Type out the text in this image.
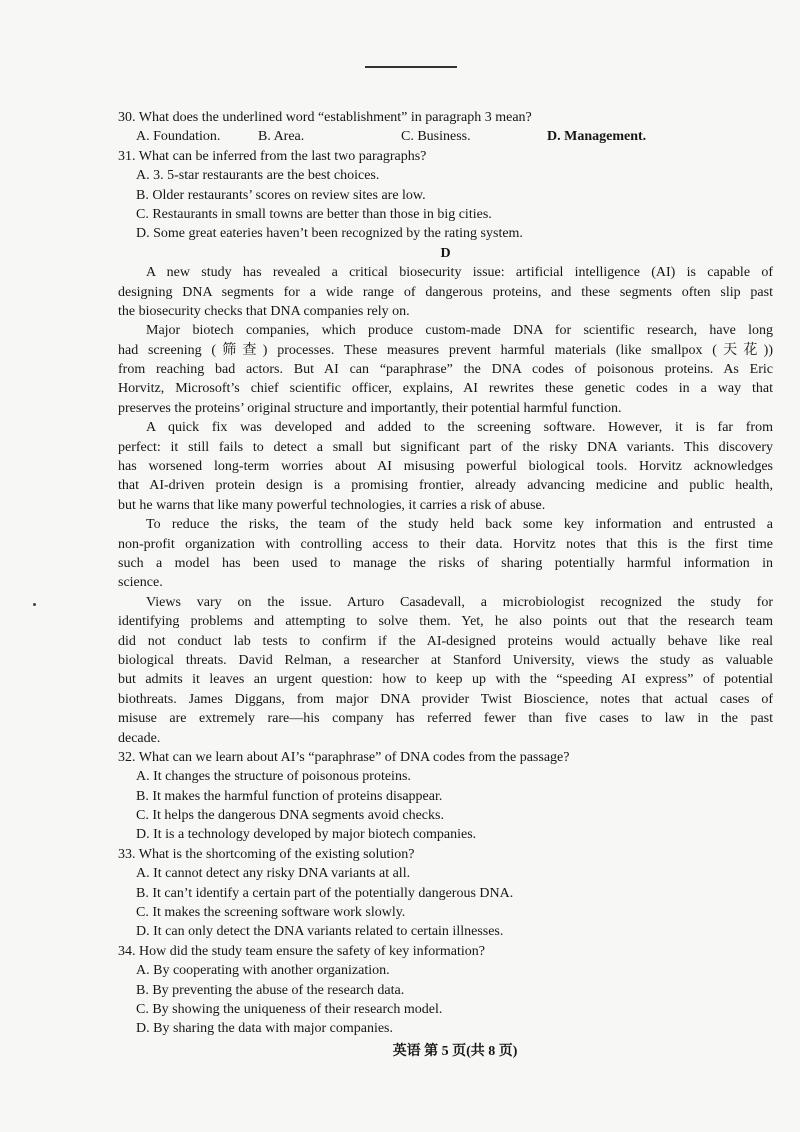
30. What does the underlined word “establishment” in paragraph 3 mean?
A. Foundation.	B. Area.	C. Business.	D. Management.
31. What can be inferred from the last two paragraphs?
A. 3. 5-star restaurants are the best choices.
B. Older restaurants’ scores on review sites are low.
C. Restaurants in small towns are better than those in big cities.
D. Some great eateries haven’t been recognized by the rating system.
D
A new study has revealed a critical biosecurity issue: artificial intelligence (AI) is capable of
designing DNA segments for a wide range of dangerous proteins, and these segments often slip past
the biosecurity checks that DNA companies rely on.
Major biotech companies, which produce custom-made DNA for scientific research, have long
had screening (筛查) processes. These measures prevent harmful materials (like smallpox (天花))
from reaching bad actors. But AI can “paraphrase” the DNA codes of poisonous proteins. As Eric
Horvitz, Microsoft’s chief scientific officer, explains, AI rewrites these genetic codes in a way that
preserves the proteins’ original structure and importantly, their potential harmful function.
A quick fix was developed and added to the screening software. However, it is far from
perfect: it still fails to detect a small but significant part of the risky DNA variants. This discovery
has worsened long-term worries about AI misusing powerful biological tools. Horvitz acknowledges
that AI-driven protein design is a promising frontier, already advancing medicine and public health,
but he warns that like many powerful technologies, it carries a risk of abuse.
To reduce the risks, the team of the study held back some key information and entrusted a
non-profit organization with controlling access to their data. Horvitz notes that this is the first time
such a model has been used to manage the risks of sharing potentially harmful information in
science.
Views vary on the issue. Arturo Casadevall, a microbiologist recognized the study for
identifying problems and attempting to solve them. Yet, he also points out that the research team
did not conduct lab tests to confirm if the AI-designed proteins would actually behave like real
biological threats. David Relman, a researcher at Stanford University, views the study as valuable
but admits it leaves an urgent question: how to keep up with the “speeding AI express” of potential
biothreats. James Diggans, from major DNA provider Twist Bioscience, notes that actual cases of
misuse are extremely rare—his company has referred fewer than five cases to law in the past
decade.
32. What can we learn about AI’s “paraphrase” of DNA codes from the passage?
A. It changes the structure of poisonous proteins.
B. It makes the harmful function of proteins disappear.
C. It helps the dangerous DNA segments avoid checks.
D. It is a technology developed by major biotech companies.
33. What is the shortcoming of the existing solution?
A. It cannot detect any risky DNA variants at all.
B. It can’t identify a certain part of the potentially dangerous DNA.
C. It makes the screening software work slowly.
D. It can only detect the DNA variants related to certain illnesses.
34. How did the study team ensure the safety of key information?
A. By cooperating with another organization.
B. By preventing the abuse of the research data.
C. By showing the uniqueness of their research model.
D. By sharing the data with major companies.
英语 第 5 页(共 8 页)
